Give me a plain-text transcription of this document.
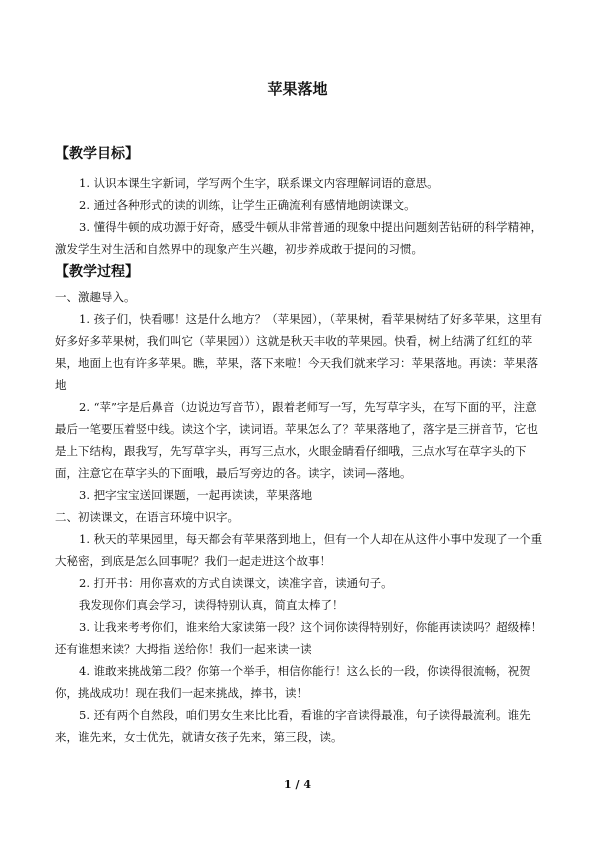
苹果落地
【教学目标】

1. 认识本课生字新词，学写两个生字，联系课文内容理解词语的意思。

2. 通过各种形式的读的训练，让学生正确流利有感情地朗读课文。

3. 懂得牛顿的成功源于好奇，感受牛顿从非常普通的现象中提出问题刻苦钻研的科学精神，激发学生对生活和自然界中的现象产生兴趣，初步养成敢于提问的习惯。

【教学过程】

一、激趣导入。

1. 孩子们，快看哪！这是什么地方？（苹果园），（苹果树，看苹果树结了好多苹果，这里有好多好多苹果树，我们叫它（苹果园））这就是秋天丰收的苹果园。快看，树上结满了红红的苹果，地面上也有许多苹果。瞧，苹果，落下来啦！今天我们就来学习：苹果落地。再读：苹果落地

2. “苹”字是后鼻音（边说边写音节），跟着老师写一写，先写草字头，在写下面的平，注意最后一笔要压着竖中线。读这个字，读词语。苹果怎么了？苹果落地了，落字是三拼音节，它也是上下结构，跟我写，先写草字头，再写三点水，火眼金睛看仔细哦，三点水写在草字头的下面，注意它在草字头的下面哦，最后写旁边的各。读字，读词—落地。

3. 把字宝宝送回课题，一起再读读，苹果落地

二、初读课文，在语言环境中识字。

1. 秋天的苹果园里，每天都会有苹果落到地上，但有一个人却在从这件小事中发现了一个重大秘密，到底是怎么回事呢？我们一起走进这个故事！

2. 打开书：用你喜欢的方式自读课文，读准字音，读通句子。

我发现你们真会学习，读得特别认真，简直太棒了！

3. 让我来考考你们，谁来给大家读第一段？这个词你读得特别好，你能再读读吗？超级棒！还有谁想来读？大拇指 送给你！我们一起来读一读

4. 谁敢来挑战第二段？你第一个举手，相信你能行！这么长的一段，你读得很流畅，祝贺你，挑战成功！现在我们一起来挑战，捧书，读！

5. 还有两个自然段，咱们男女生来比比看，看谁的字音读得最准，句子读得最流利。谁先来，谁先来，女士优先，就请女孩子先来，第三段，读。

1 / 4
